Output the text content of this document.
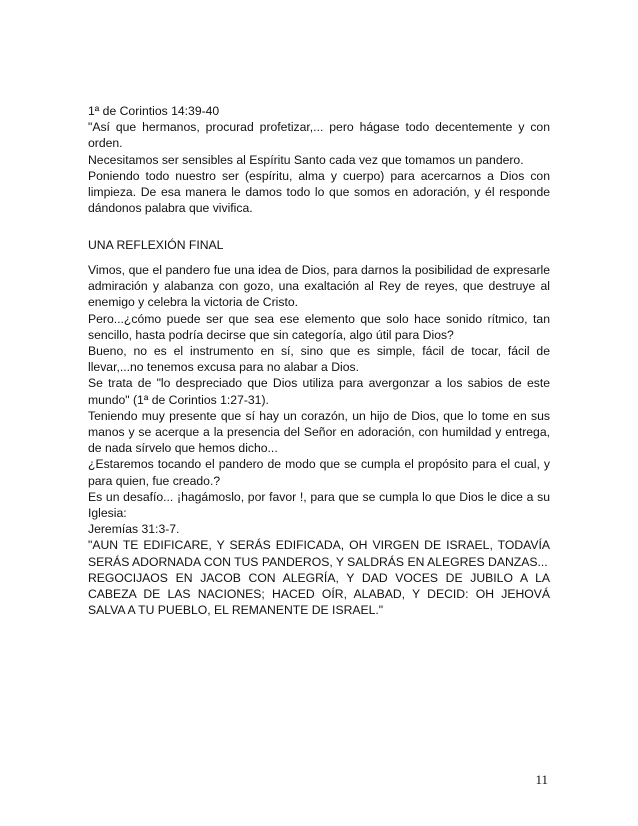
1ª de Corintios 14:39-40

"Así que hermanos, procurad profetizar,... pero hágase todo decentemente y con orden.

Necesitamos ser sensibles al Espíritu Santo cada vez que tomamos un pandero.

Poniendo todo nuestro ser (espíritu, alma y cuerpo) para acercarnos a Dios con limpieza. De esa manera le damos todo lo que somos en adoración, y él responde dándonos palabra que vivifica.

UNA REFLEXIÓN FINAL

Vimos, que el pandero fue una idea de Dios, para darnos la posibilidad de expresarle admiración y alabanza con gozo, una exaltación al Rey de reyes, que destruye al enemigo y celebra la victoria de Cristo.

Pero...¿cómo puede ser que sea ese elemento que solo hace sonido rítmico, tan sencillo, hasta podría decirse que sin categoría, algo útil para Dios?

Bueno, no es el instrumento en sí, sino que es simple, fácil de tocar, fácil de llevar,...no tenemos excusa para no alabar a Dios.

Se trata de "lo despreciado que Dios utiliza para avergonzar a los sabios de este mundo" (1ª de Corintios 1:27-31).

Teniendo muy presente que sí hay un corazón, un hijo de Dios, que lo tome en sus manos y se acerque a la presencia del Señor en adoración, con humildad y entrega, de nada sírvelo que hemos dicho...

¿Estaremos tocando el pandero de modo que se cumpla el propósito para el cual, y para quien, fue creado.?

Es un desafío... ¡hagámoslo, por favor !, para que se cumpla lo que Dios le dice a su Iglesia:

Jeremías 31:3-7.

"AUN TE EDIFICARE, Y SERÁS EDIFICADA, OH VIRGEN DE ISRAEL, TODAVÍA SERÁS ADORNADA CON TUS PANDEROS, Y SALDRÁS EN ALEGRES DANZAS...

REGOCIJAOS EN JACOB CON ALEGRÍA, Y DAD VOCES DE JUBILO A LA CABEZA DE LAS NACIONES; HACED OÍR, ALABAD, Y DECID: OH JEHOVÁ SALVA A TU PUEBLO, EL REMANENTE DE ISRAEL."

11
